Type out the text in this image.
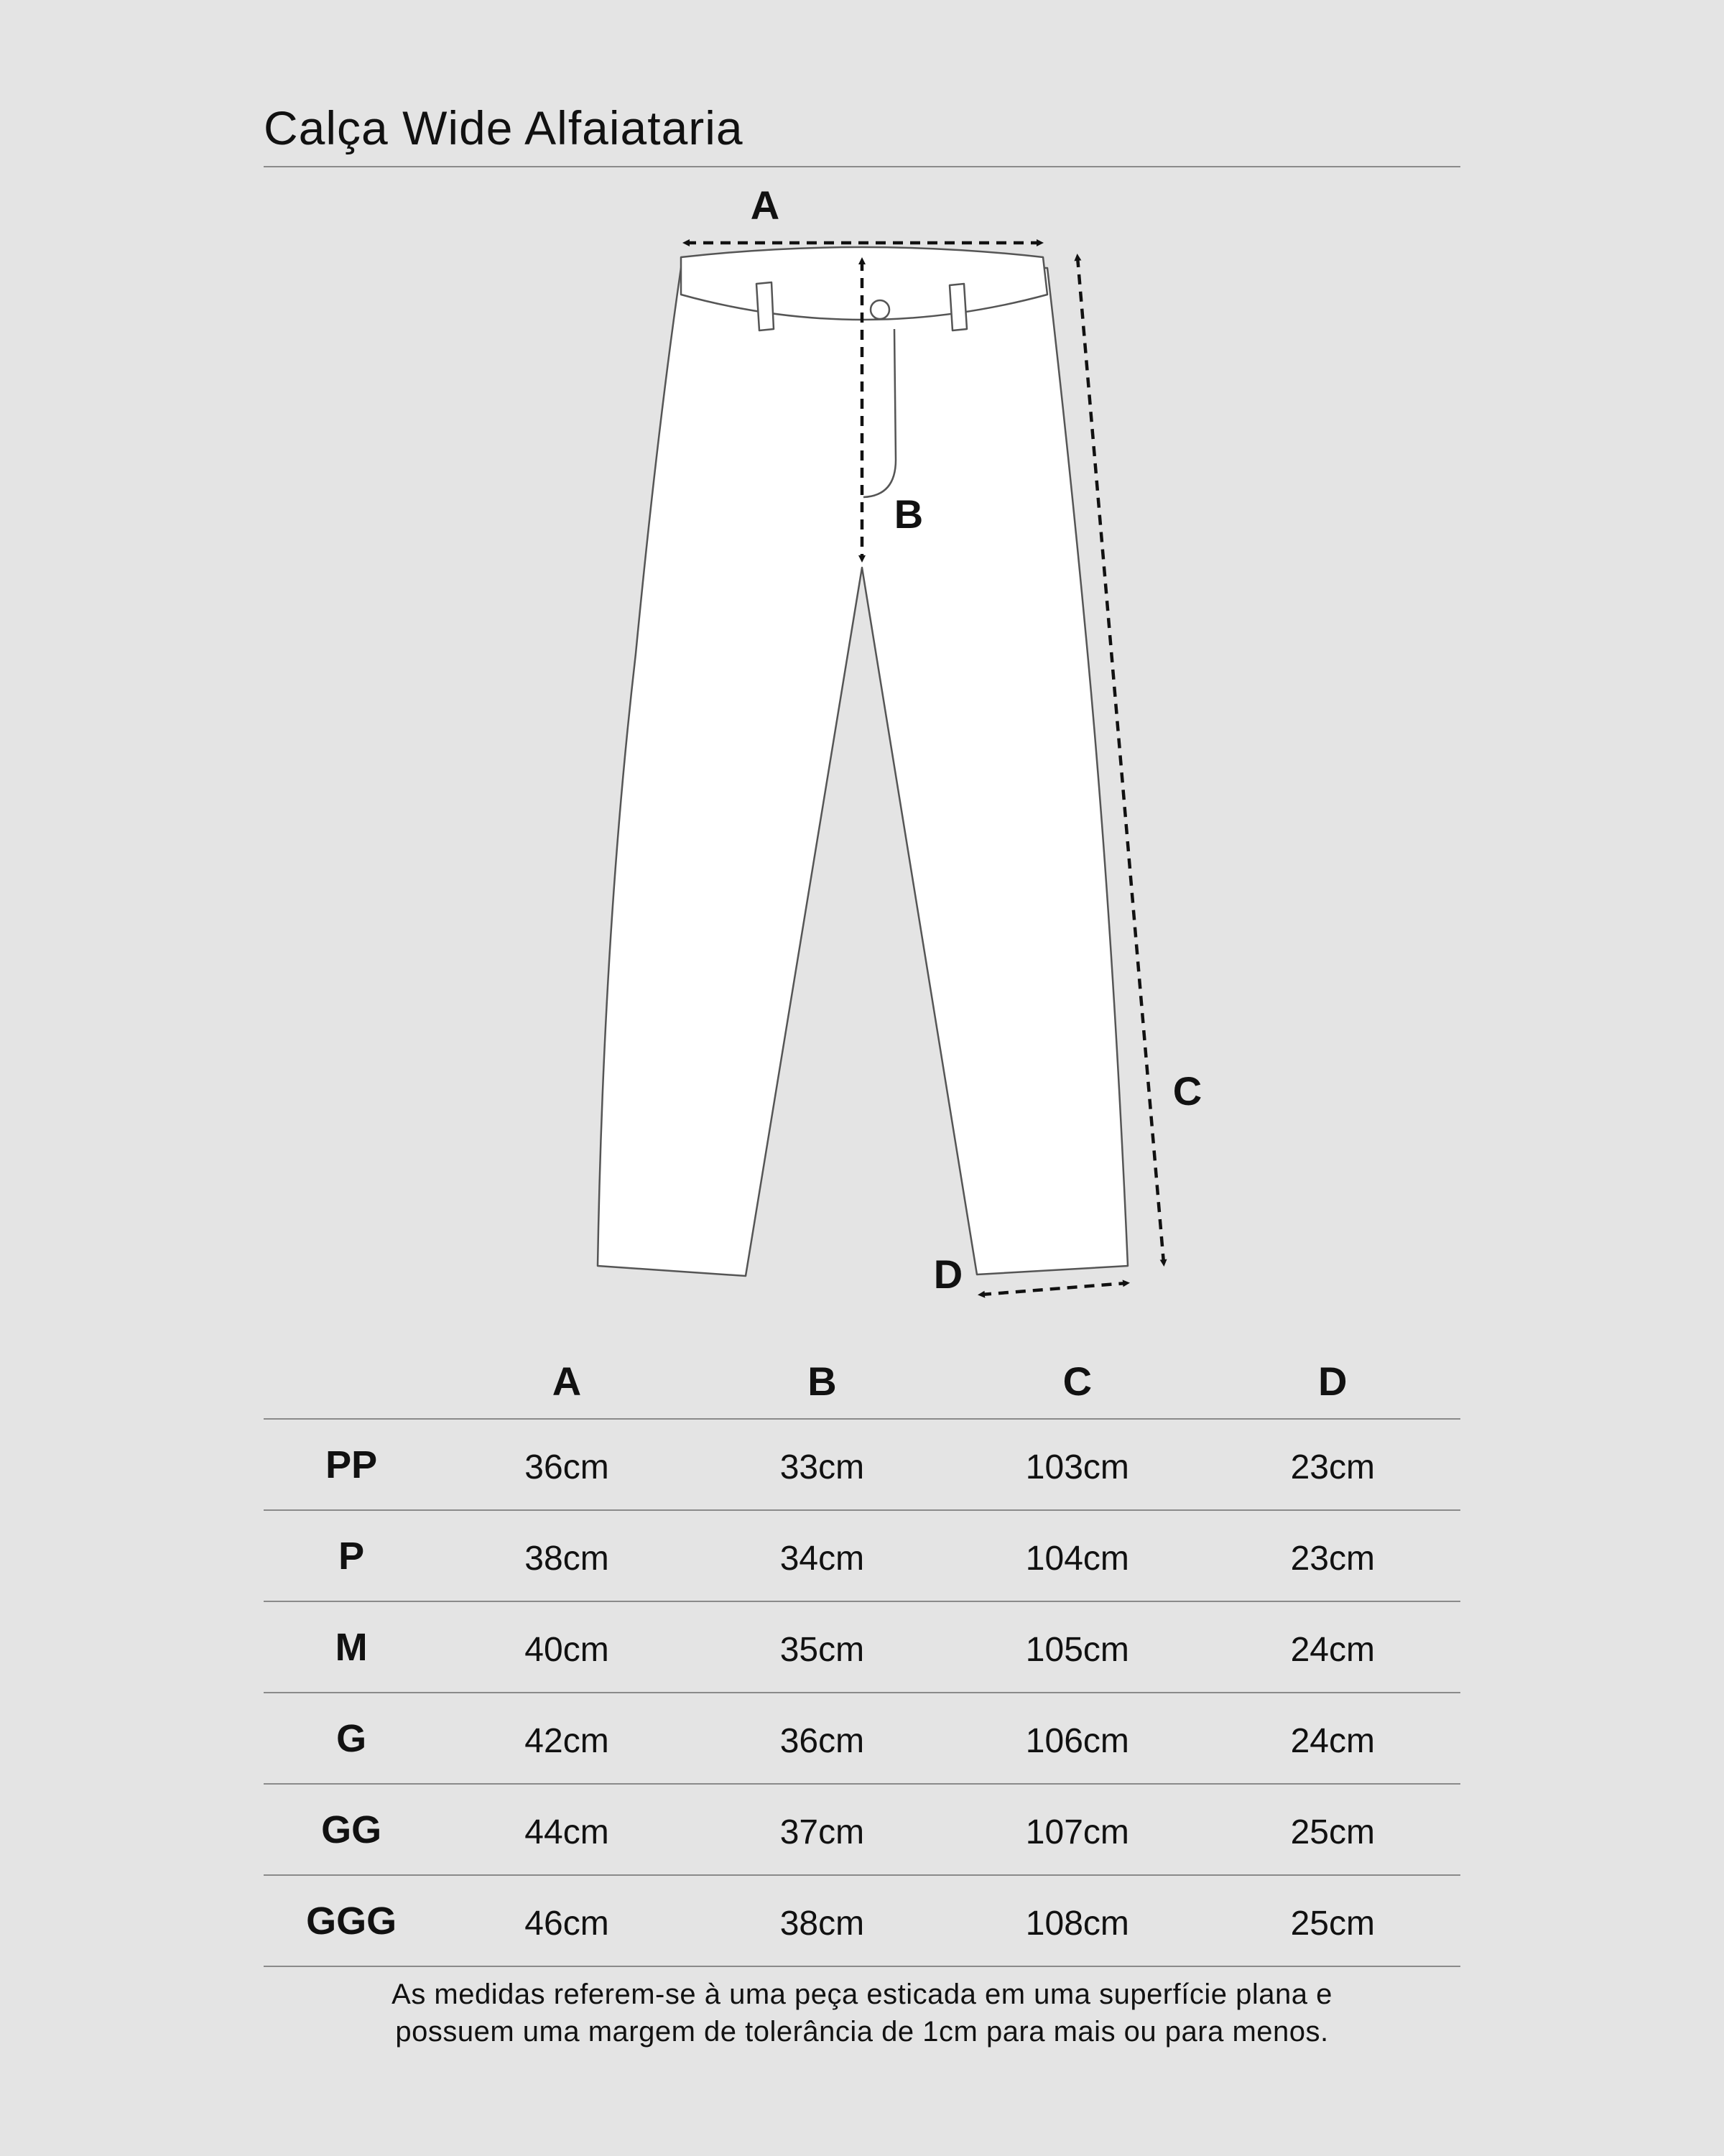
Calça Wide Alfaiataria
A
B
C
D
	A	B	C	D
PP	36cm	33cm	103cm	23cm
P	38cm	34cm	104cm	23cm
M	40cm	35cm	105cm	24cm
G	42cm	36cm	106cm	24cm
GG	44cm	37cm	107cm	25cm
GGG	46cm	38cm	108cm	25cm
As medidas referem-se à uma peça esticada em uma superfície plana e
possuem uma margem de tolerância de 1cm para mais ou para menos.
